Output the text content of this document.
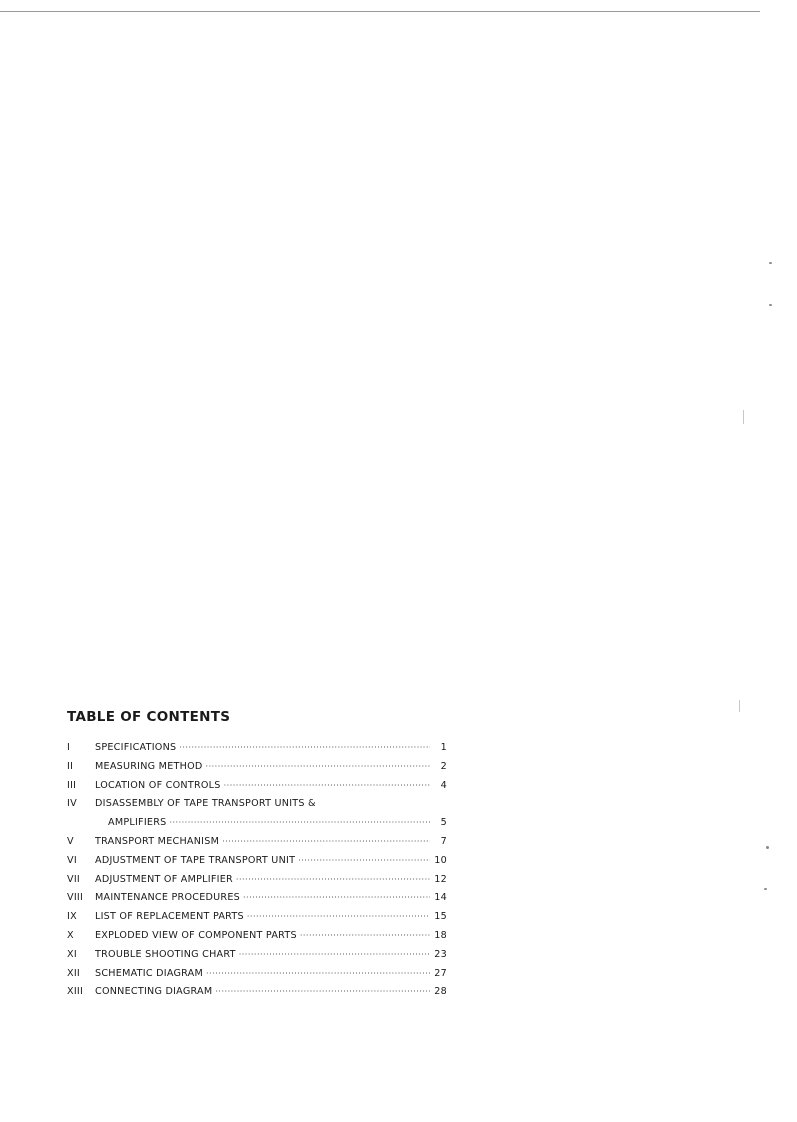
TABLE OF CONTENTS
I	SPECIFICATIONS ·····	1
II	MEASURING METHOD ·····	2
III	LOCATION OF CONTROLS ·····	4
IV	DISASSEMBLY OF TAPE TRANSPORT UNITS &
AMPLIFIERS ·····	5
V	TRANSPORT MECHANISM ·····	7
VI	ADJUSTMENT OF TAPE TRANSPORT UNIT ·····	10
VII	ADJUSTMENT OF AMPLIFIER ·····	12
VIII	MAINTENANCE PROCEDURES ·····	14
IX	LIST OF REPLACEMENT PARTS ·····	15
X	EXPLODED VIEW OF COMPONENT PARTS ·····	18
XI	TROUBLE SHOOTING CHART ·····	23
XII	SCHEMATIC DIAGRAM ·····	27
XIII	CONNECTING DIAGRAM ·····	28
